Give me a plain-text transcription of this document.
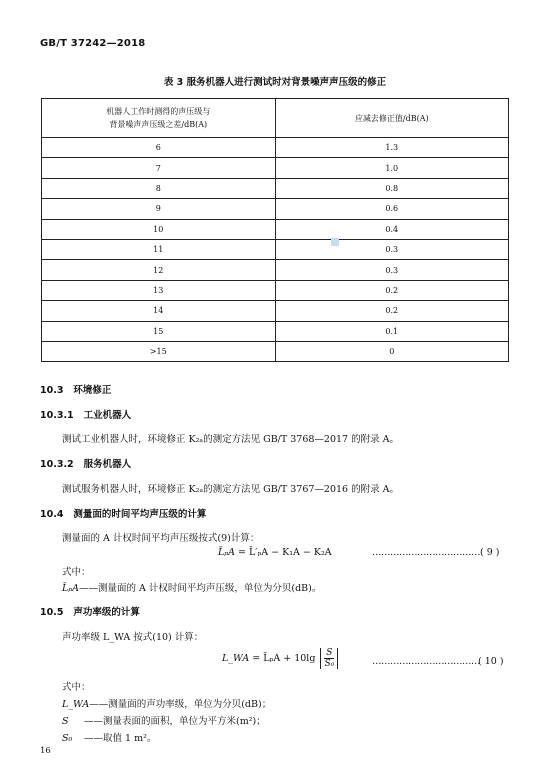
GB/T 37242—2018
表 3 服务机器人进行测试时对背景噪声声压级的修正
机器人工作时测得的声压级与
背景噪声声压级之差/dB(A)	应减去修正值/dB(A)
6	1.3
7	1.0
8	0.8
9	0.6
10	0.4
11	0.3
12	0.3
13	0.2
14	0.2
15	0.1
>15	0
10.3 环境修正
10.3.1 工业机器人
测试工业机器人时，环境修正 K₂ₐ的测定方法见 GB/T 3768—2017 的附录 A。
10.3.2 服务机器人
测试服务机器人时，环境修正 K₂ₐ的测定方法见 GB/T 3767—2016 的附录 A。
10.4 测量面的时间平均声压级的计算
测量面的 A 计权时间平均声压级按式(9)计算：
L̄ₚA = L̄′ₚA − K₁A − K₂A	……………………………… ( 9 )
式中：
L̄ₚA——测量面的 A 计权时间平均声压级，单位为分贝(dB)。
10.5 声功率级的计算
声功率级 L_WA 按式(10) 计算：
L_WA = L̄ₚA + $10\lg \frac{S}{\text{S₀}}$	………………………………
( 10 )
式中：
L_WA——测量面的声功率级，单位为分贝(dB)；
S ——测量表面的面积，单位为平方米(m²)；
S₀ ——取值 1 m²。
16
